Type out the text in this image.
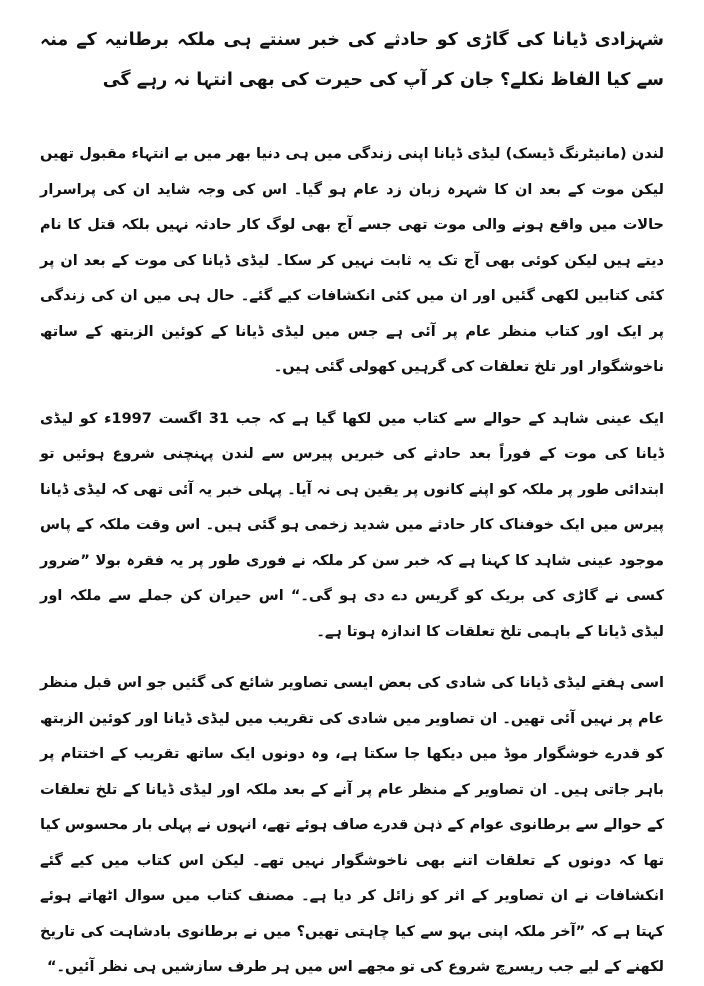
شہزادی ڈیانا کی گاڑی کو حادثے کی خبر سنتے ہی ملکہ برطانیہ کے منہ سے کیا الفاظ نکلے؟ جان کر آپ کی حیرت کی بھی انتہا نہ رہے گی

لندن (مانیٹرنگ ڈیسک) لیڈی ڈیانا اپنی زندگی میں ہی دنیا بھر میں بے انتہاء مقبول تھیں لیکن موت کے بعد ان کا شہرہ زبان زد عام ہو گیا۔ اس کی وجہ شاید ان کی پراسرار حالات میں واقع ہونے والی موت تھی جسے آج بھی لوگ کار حادثہ نہیں بلکہ قتل کا نام دیتے ہیں لیکن کوئی بھی آج تک یہ ثابت نہیں کر سکا۔ لیڈی ڈیانا کی موت کے بعد ان پر کئی کتابیں لکھی گئیں اور ان میں کئی انکشافات کیے گئے۔ حال ہی میں ان کی زندگی پر ایک اور کتاب منظر عام پر آئی ہے جس میں لیڈی ڈیانا کے کوئین الزبتھ کے ساتھ ناخوشگوار اور تلخ تعلقات کی گرہیں کھولی گئی ہیں۔

ایک عینی شاہد کے حوالے سے کتاب میں لکھا گیا ہے کہ جب 31 اگست 1997ء کو لیڈی ڈیانا کی موت کے فوراً بعد حادثے کی خبریں پیرس سے لندن پہنچنی شروع ہوئیں تو ابتدائی طور پر ملکہ کو اپنے کانوں پر یقین ہی نہ آیا۔ پہلی خبر یہ آئی تھی کہ لیڈی ڈیانا پیرس میں ایک خوفناک کار حادثے میں شدید زخمی ہو گئی ہیں۔ اس وقت ملکہ کے پاس موجود عینی شاہد کا کہنا ہے کہ خبر سن کر ملکہ نے فوری طور پر یہ فقرہ بولا ”ضرور کسی نے گاڑی کی بریک کو گریس دے دی ہو گی۔“ اس حیران کن جملے سے ملکہ اور لیڈی ڈیانا کے باہمی تلخ تعلقات کا اندازہ ہوتا ہے۔

اسی ہفتے لیڈی ڈیانا کی شادی کی بعض ایسی تصاویر شائع کی گئیں جو اس قبل منظر عام پر نہیں آئی تھیں۔ ان تصاویر میں شادی کی تقریب میں لیڈی ڈیانا اور کوئین الزبتھ کو قدرے خوشگوار موڈ میں دیکھا جا سکتا ہے، وہ دونوں ایک ساتھ تقریب کے اختتام پر باہر جاتی ہیں۔ ان تصاویر کے منظر عام پر آنے کے بعد ملکہ اور لیڈی ڈیانا کے تلخ تعلقات کے حوالے سے برطانوی عوام کے ذہن قدرے صاف ہوئے تھے، انہوں نے پہلی بار محسوس کیا تھا کہ دونوں کے تعلقات اتنے بھی ناخوشگوار نہیں تھے۔ لیکن اس کتاب میں کیے گئے انکشافات نے ان تصاویر کے اثر کو زائل کر دیا ہے۔ مصنف کتاب میں سوال اٹھاتے ہوئے کہتا ہے کہ ”آخر ملکہ اپنی بہو سے کیا چاہتی تھیں؟ میں نے برطانوی بادشاہت کی تاریخ لکھنے کے لیے جب ریسرچ شروع کی تو مجھے اس میں ہر طرف سازشیں ہی نظر آئیں۔“
